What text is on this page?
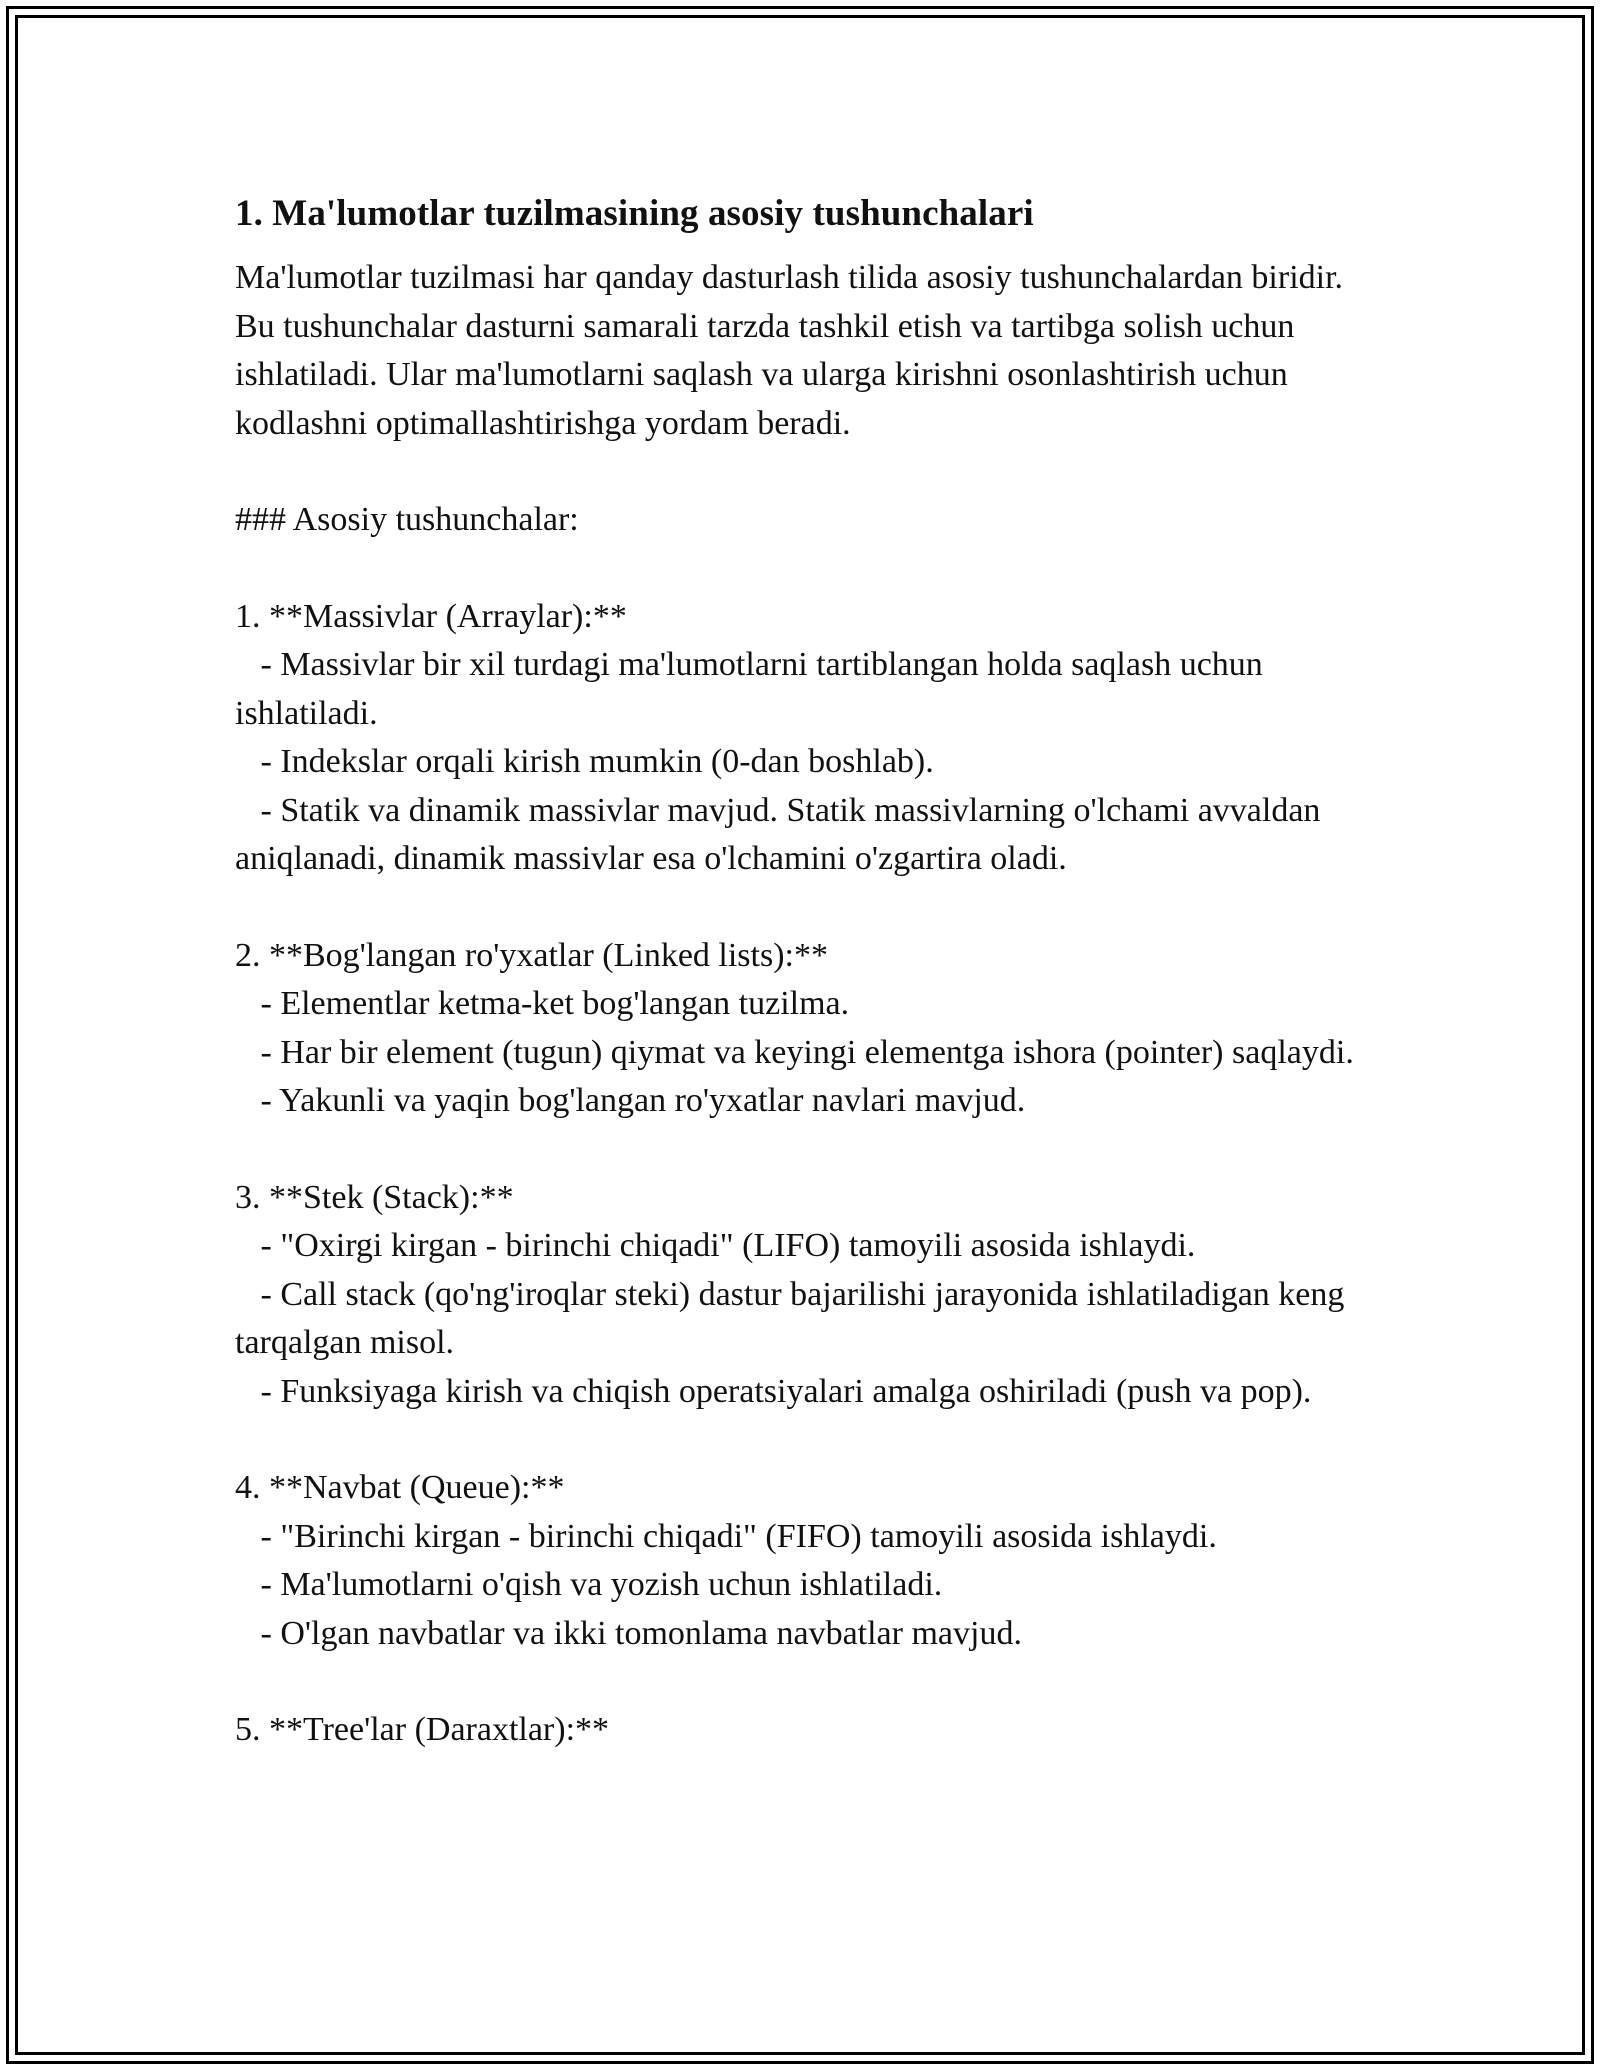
1. Ma'lumotlar tuzilmasining asosiy tushunchalari

Ma'lumotlar tuzilmasi har qanday dasturlash tilida asosiy tushunchalardan biridir. Bu tushunchalar dasturni samarali tarzda tashkil etish va tartibga solish uchun ishlatiladi. Ular ma'lumotlarni saqlash va ularga kirishni osonlashtirish uchun kodlashni optimallashtirishga yordam beradi.

### Asosiy tushunchalar:

1. **Massivlar (Arraylar):**
- Massivlar bir xil turdagi ma'lumotlarni tartiblangan holda saqlash uchun ishlatiladi.
- Indekslar orqali kirish mumkin (0-dan boshlab).
- Statik va dinamik massivlar mavjud. Statik massivlarning o'lchami avvaldan aniqlanadi, dinamik massivlar esa o'lchamini o'zgartira oladi.
2. **Bog'langan ro'yxatlar (Linked lists):**
- Elementlar ketma-ket bog'langan tuzilma.
- Har bir element (tugun) qiymat va keyingi elementga ishora (pointer) saqlaydi.
- Yakunli va yaqin bog'langan ro'yxatlar navlari mavjud.
3. **Stek (Stack):**
- "Oxirgi kirgan - birinchi chiqadi" (LIFO) tamoyili asosida ishlaydi.
- Call stack (qo'ng'iroqlar steki) dastur bajarilishi jarayonida ishlatiladigan keng tarqalgan misol.
- Funksiyaga kirish va chiqish operatsiyalari amalga oshiriladi (push va pop).
4. **Navbat (Queue):**
- "Birinchi kirgan - birinchi chiqadi" (FIFO) tamoyili asosida ishlaydi.
- Ma'lumotlarni o'qish va yozish uchun ishlatiladi.
- O'lgan navbatlar va ikki tomonlama navbatlar mavjud.
5. **Tree'lar (Daraxtlar):**
